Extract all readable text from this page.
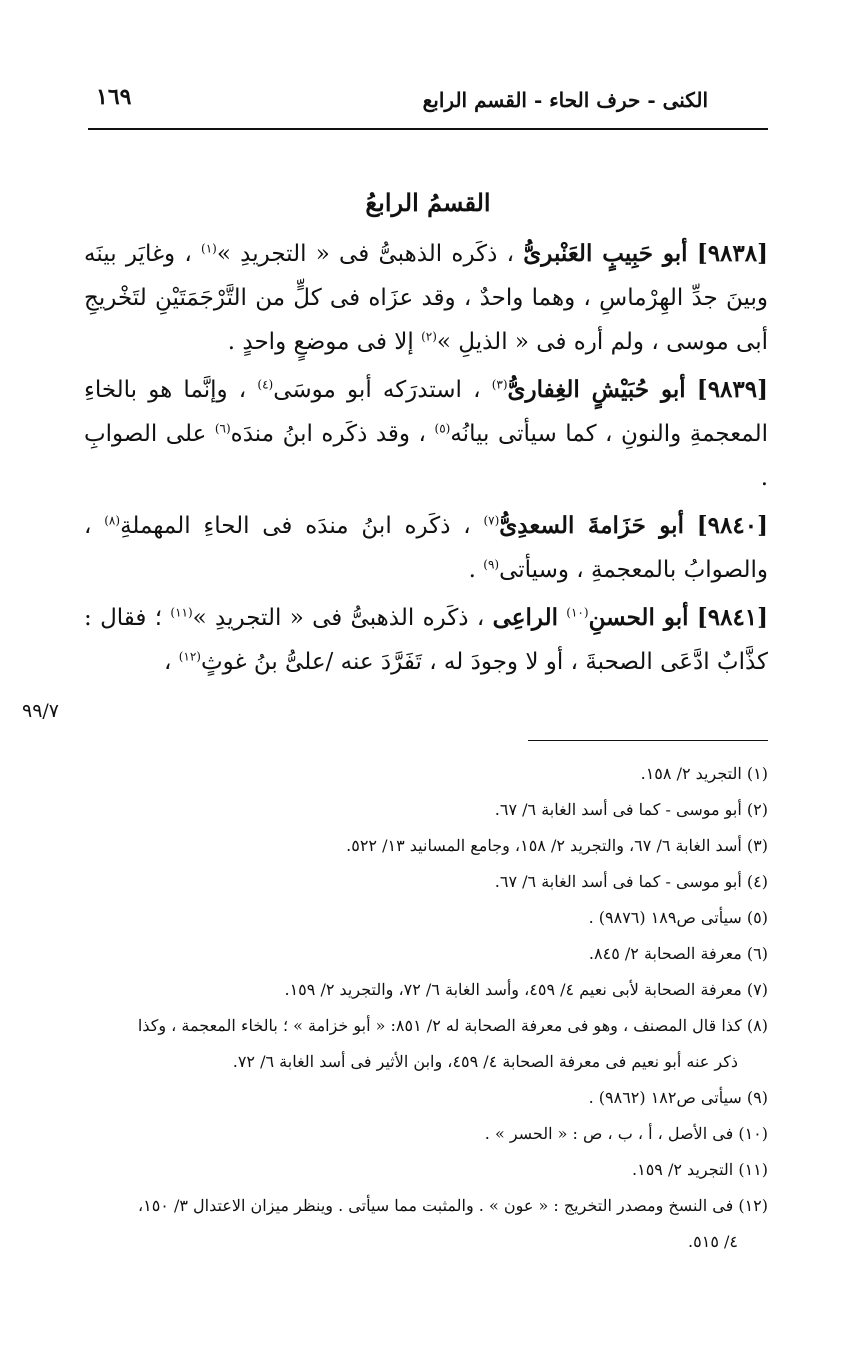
الكنى - حرف الحاء - القسم الرابع
١٦٩
القسمُ الرابعُ

[٩٨٣٨] أبو حَبِيبٍ العَنْبرىُّ ، ذكَره الذهبىُّ فى « التجريدِ »$^{(١)}$ ، وغايَر بينَه وبينَ جدِّ الهِرْماسِ ، وهما واحدٌ ، وقد عزَاه فى كلٍّ من التَّرْجَمَتَيْنِ لتَخْريجِ أبى موسى ، ولم أره فى « الذيلِ »$^{(٢)}$ إلا فى موضعٍ واحدٍ .

[٩٨٣٩] أبو حُبَيْشٍ الغِفارىُّ$^{(٣)}$ ، استدرَكه أبو موسَى$^{(٤)}$ ، وإنَّما هو بالخاءِ المعجمةِ والنونِ ، كما سيأتى بيانُه$^{(٥)}$ ، وقد ذكَره ابنُ مندَه$^{(٦)}$ على الصوابِ .

[٩٨٤٠] أبو حَزَامةَ السعدِىُّ$^{(٧)}$ ، ذكَره ابنُ مندَه فى الحاءِ المهملةِ$^{(٨)}$ ، والصوابُ بالمعجمةِ ، وسيأتى$^{(٩)}$ .

[٩٨٤١] أبو الحسنِ$^{(١٠)}$ الراعِى ، ذكَره الذهبىُّ فى « التجريدِ »$^{(١١)}$ ؛ فقال : كذَّابٌ ادَّعَى الصحبةَ ، أو لا وجودَ له ، تَفَرَّدَ عنه /علىُّ بنُ غوثٍ$^{(١٢)}$ ،

٩٩/٧

(١) التجريد ٢/ ١٥٨.

(٢) أبو موسى - كما فى أسد الغابة ٦/ ٦٧.

(٣) أسد الغابة ٦/ ٦٧، والتجريد ٢/ ١٥٨، وجامع المسانيد ١٣/ ٥٢٢.

(٤) أبو موسى - كما فى أسد الغابة ٦/ ٦٧.

(٥) سيأتى ص١٨٩ (٩٨٧٦) .

(٦) معرفة الصحابة ٢/ ٨٤٥.

(٧) معرفة الصحابة لأبى نعيم ٤/ ٤٥٩، وأسد الغابة ٦/ ٧٢، والتجريد ٢/ ١٥٩.

(٨) كذا قال المصنف ، وهو فى معرفة الصحابة له ٢/ ٨٥١: « أبو خزامة » ؛ بالخاء المعجمة ، وكذا

ذكر عنه أبو نعيم فى معرفة الصحابة ٤/ ٤٥٩، وابن الأثير فى أسد الغابة ٦/ ٧٢.

(٩) سيأتى ص١٨٢ (٩٨٦٢) .

(١٠) فى الأصل ، أ ، ب ، ص : « الحسر » .

(١١) التجريد ٢/ ١٥٩.

(١٢) فى النسخ ومصدر التخريج : « عون » . والمثبت مما سيأتى . وينظر ميزان الاعتدال ٣/ ١٥٠،

٤/ ٥١٥.
